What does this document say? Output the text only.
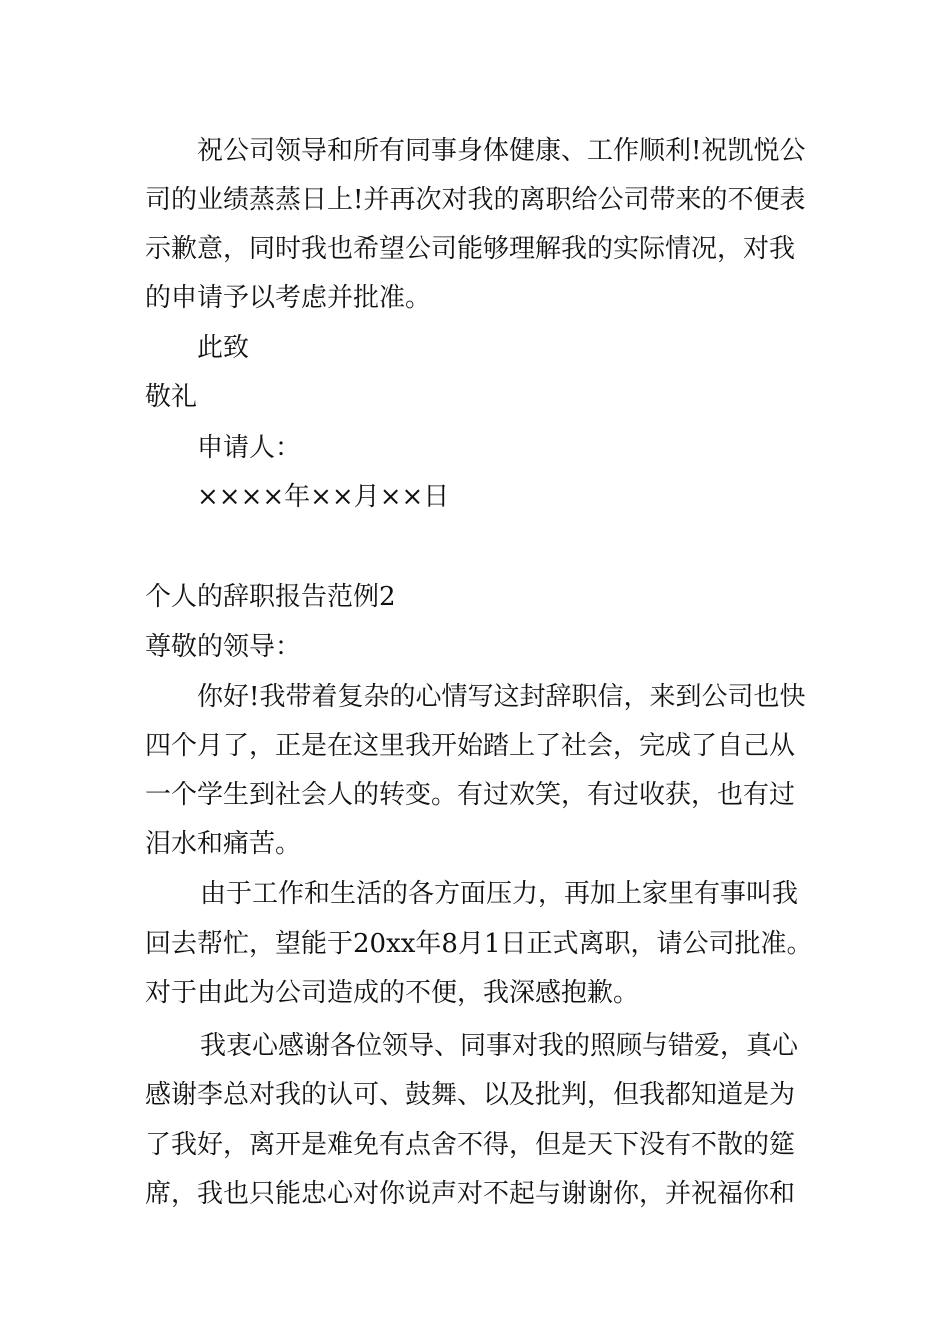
祝公司领导和所有同事身体健康、工作顺利!祝凯悦公
司的业绩蒸蒸日上!并再次对我的离职给公司带来的不便表
示歉意，同时我也希望公司能够理解我的实际情况，对我
的申请予以考虑并批准。
此致
敬礼
申请人：
××××年××月××日
个人的辞职报告范例2
尊敬的领导：
你好!我带着复杂的心情写这封辞职信，来到公司也快
四个月了，正是在这里我开始踏上了社会，完成了自己从
一个学生到社会人的转变。有过欢笑，有过收获，也有过
泪水和痛苦。
由于工作和生活的各方面压力，再加上家里有事叫我
回去帮忙，望能于20xx年8月1日正式离职，请公司批准。
对于由此为公司造成的不便，我深感抱歉。
我衷心感谢各位领导、同事对我的照顾与错爱，真心
感谢李总对我的认可、鼓舞、以及批判，但我都知道是为
了我好，离开是难免有点舍不得，但是天下没有不散的筵
席，我也只能忠心对你说声对不起与谢谢你，并祝福你和
